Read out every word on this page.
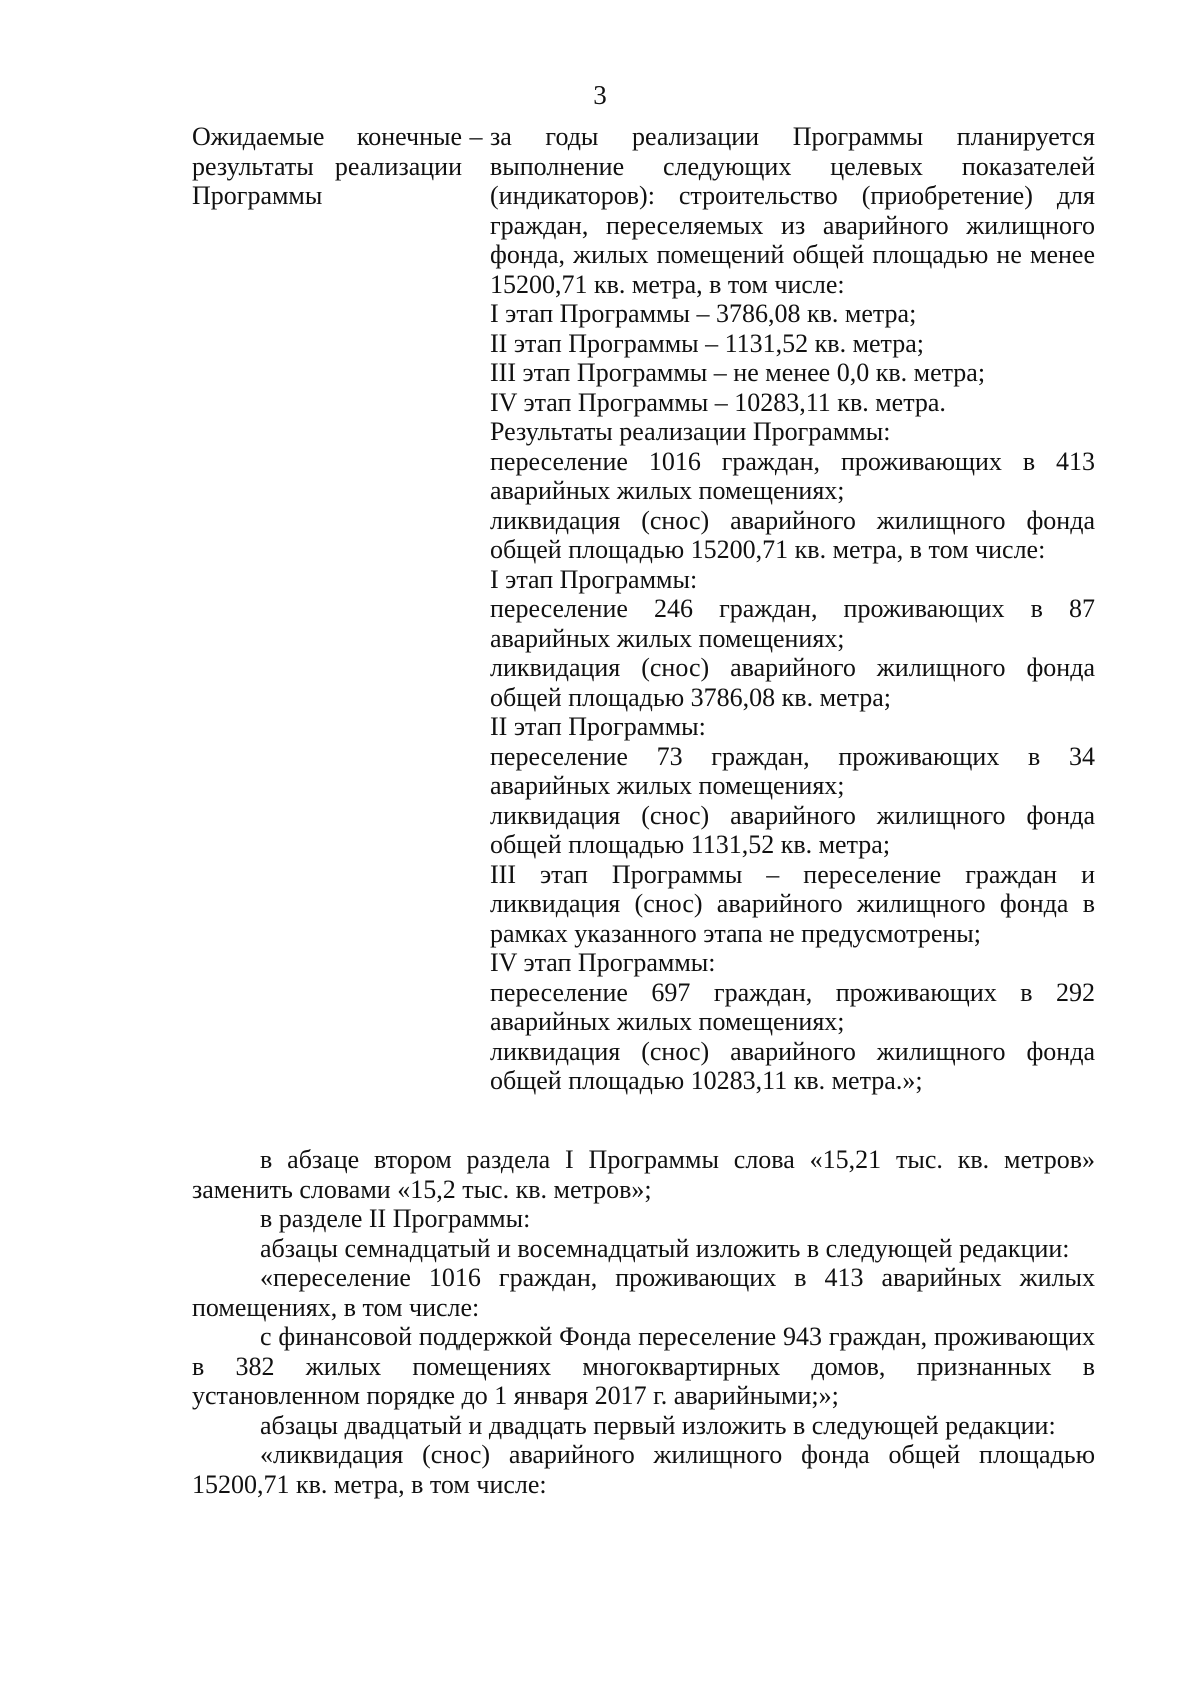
3
Ожидаемые конечные результаты реализации Программы
– за годы реализации Программы планируется выполнение следующих целевых показателей (индикаторов): строительство (приобретение) для граждан, переселяемых из аварийного жилищного фонда, жилых помещений общей площадью не менее 15200,71 кв. метра, в том числе:

I этап Программы – 3786,08 кв. метра;

II этап Программы – 1131,52 кв. метра;

III этап Программы – не менее 0,0 кв. метра;

IV этап Программы – 10283,11 кв. метра.

Результаты реализации Программы:

переселение 1016 граждан, проживающих в 413 аварийных жилых помещениях;

ликвидация (снос) аварийного жилищного фонда общей площадью 15200,71 кв. метра, в том числе:

I этап Программы:

переселение 246 граждан, проживающих в 87 аварийных жилых помещениях;

ликвидация (снос) аварийного жилищного фонда общей площадью 3786,08 кв. метра;

II этап Программы:

переселение 73 граждан, проживающих в 34 аварийных жилых помещениях;

ликвидация (снос) аварийного жилищного фонда общей площадью 1131,52 кв. метра;

III этап Программы – переселение граждан и ликвидация (снос) аварийного жилищного фонда в рамках указанного этапа не предусмотрены;

IV этап Программы:

переселение 697 граждан, проживающих в 292 аварийных жилых помещениях;

ликвидация (снос) аварийного жилищного фонда общей площадью 10283,11 кв. метра.»;

в абзаце втором раздела I Программы слова «15,21 тыс. кв. метров» заменить словами «15,2 тыс. кв. метров»;

в разделе II Программы:

абзацы семнадцатый и восемнадцатый изложить в следующей редакции:

«переселение 1016 граждан, проживающих в 413 аварийных жилых помещениях, в том числе:

с финансовой поддержкой Фонда переселение 943 граждан, проживающих в 382 жилых помещениях многоквартирных домов, признанных в установленном порядке до 1 января 2017 г. аварийными;»;

абзацы двадцатый и двадцать первый изложить в следующей редакции:

«ликвидация (снос) аварийного жилищного фонда общей площадью 15200,71 кв. метра, в том числе:
